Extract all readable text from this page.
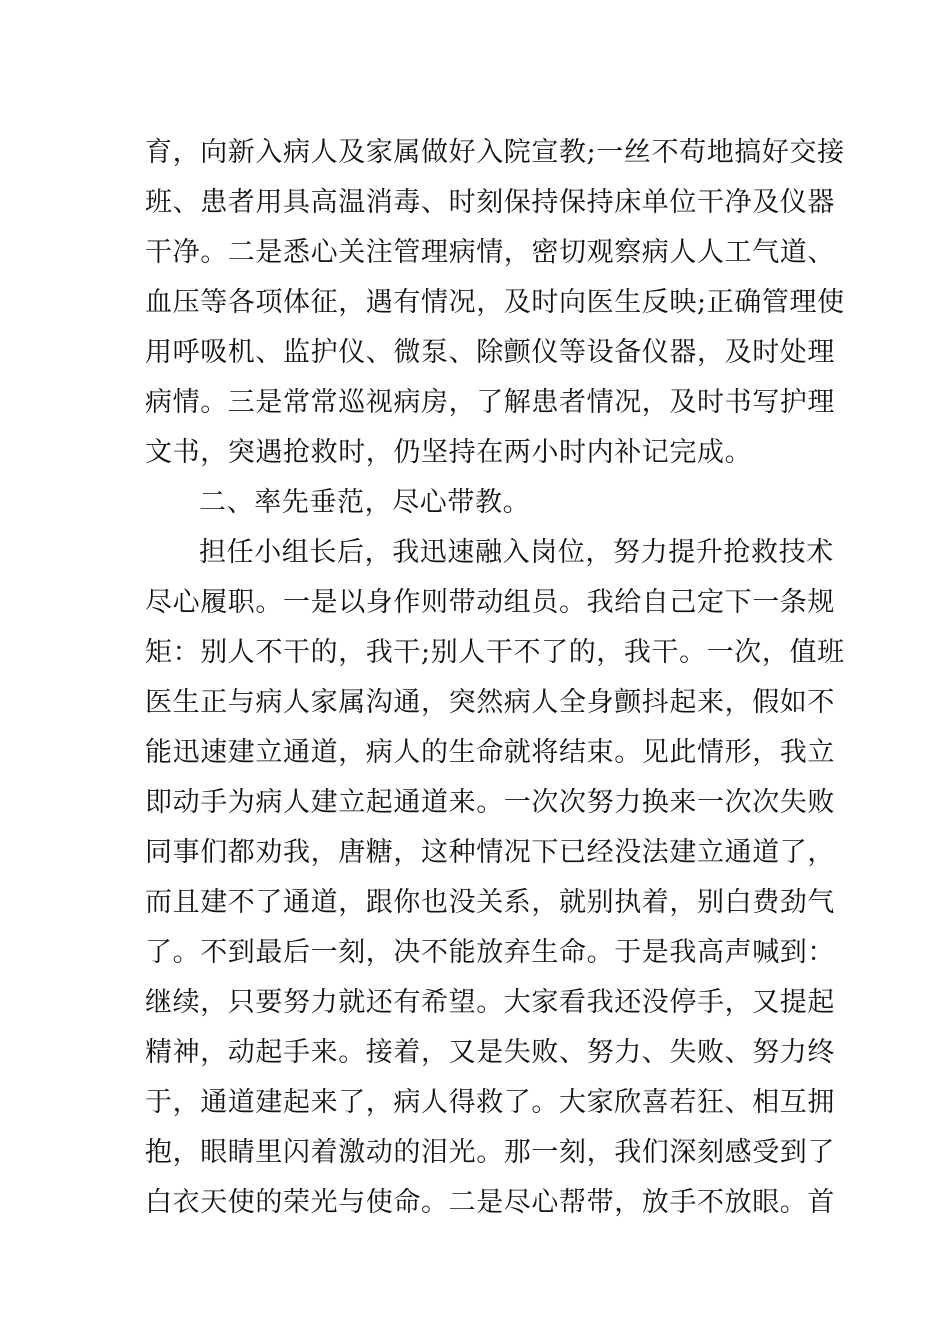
育，向新入病人及家属做好入院宣教;一丝不苟地搞好交接
班、患者用具高温消毒、时刻保持保持床单位干净及仪器
干净。二是悉心关注管理病情，密切观察病人人工气道、
血压等各项体征，遇有情况，及时向医生反映;正确管理使
用呼吸机、监护仪、微泵、除颤仪等设备仪器，及时处理
病情。三是常常巡视病房，了解患者情况，及时书写护理
文书，突遇抢救时，仍坚持在两小时内补记完成。
二、率先垂范，尽心带教。
担任小组长后，我迅速融入岗位，努力提升抢救技术
尽心履职。一是以身作则带动组员。我给自己定下一条规
矩：别人不干的，我干;别人干不了的，我干。一次，值班
医生正与病人家属沟通，突然病人全身颤抖起来，假如不
能迅速建立通道，病人的生命就将结束。见此情形，我立
即动手为病人建立起通道来。一次次努力换来一次次失败
同事们都劝我，唐糖，这种情况下已经没法建立通道了，
而且建不了通道，跟你也没关系，就别执着，别白费劲气
了。不到最后一刻，决不能放弃生命。于是我高声喊到：
继续，只要努力就还有希望。大家看我还没停手，又提起
精神，动起手来。接着，又是失败、努力、失败、努力终
于，通道建起来了，病人得救了。大家欣喜若狂、相互拥
抱，眼睛里闪着激动的泪光。那一刻，我们深刻感受到了
白衣天使的荣光与使命。二是尽心帮带，放手不放眼。首
